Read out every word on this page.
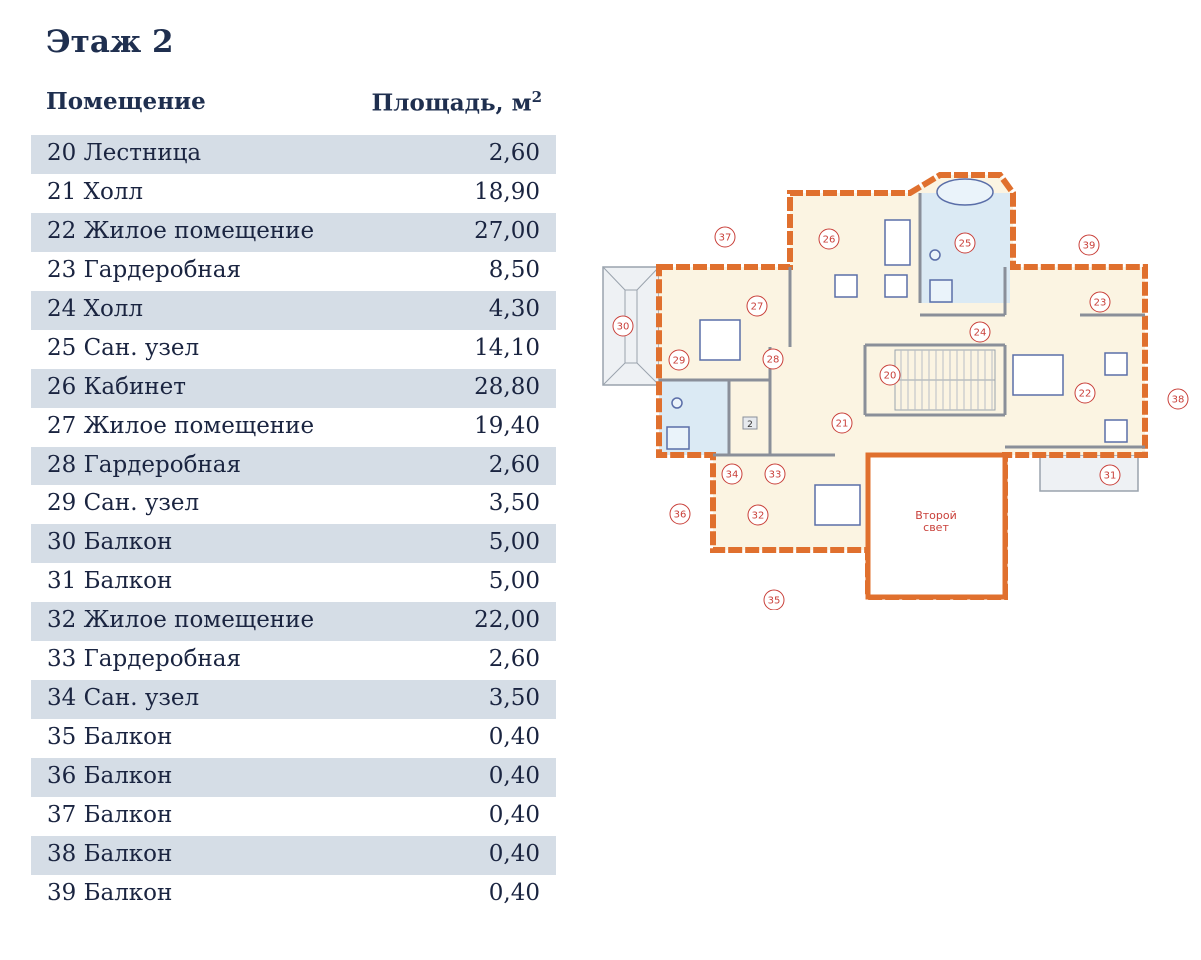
Этаж 2
Помещение	Площадь, $м^2$
20 Лестница	2,60
21 Холл	18,90
22 Жилое помещение	27,00
23 Гардеробная	8,50
24 Холл	4,30
25 Сан. узел	14,10
26 Кабинет	28,80
27 Жилое помещение	19,40
28 Гардеробная	2,60
29 Сан. узел	3,50
30 Балкон	5,00
31 Балкон	5,00
32 Жилое помещение	22,00
33 Гардеробная	2,60
34 Сан. узел	3,50
35 Балкон	0,40
36 Балкон	0,40
37 Балкон	0,40
38 Балкон	0,40
39 Балкон	0,40
Второй
свет
2
20
21
22
23
24
25
26
27
28
29
30
31
32
33
34
35
36
37
38
39
